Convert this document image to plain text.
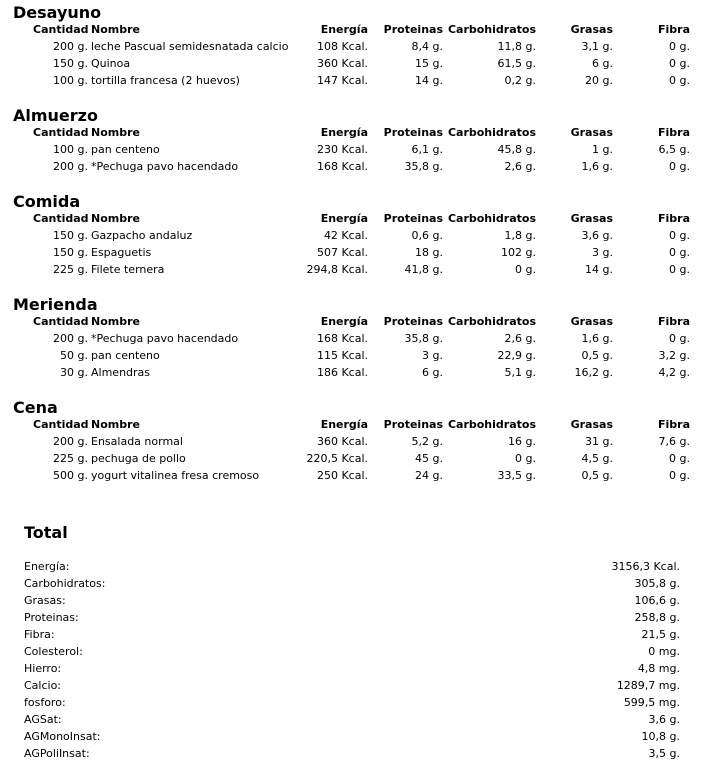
Desayuno
Cantidad Nombre	Energía Proteinas Carbohidratos	Grasas	Fibra
200 g. leche Pascual semidesnatada calcio	108 Kcal.	8,4 g.	11,8 g.	3,1 g.	0 g.
150 g. Quinoa	360 Kcal.	15 g.	61,5 g.	6 g.	0 g.
100 g. tortilla francesa (2 huevos)	147 Kcal.	14 g.	0,2 g.	20 g.	0 g.
Almuerzo
Cantidad Nombre	Energía Proteinas Carbohidratos	Grasas	Fibra
100 g. pan centeno	230 Kcal.	6,1 g.	45,8 g.	1 g.	6,5 g.
200 g. *Pechuga pavo hacendado	168 Kcal.	35,8 g.	2,6 g.	1,6 g.	0 g.
Comida
Cantidad Nombre	Energía Proteinas Carbohidratos	Grasas	Fibra
150 g. Gazpacho andaluz	42 Kcal.	0,6 g.	1,8 g.	3,6 g.	0 g.
150 g. Espaguetis	507 Kcal.	18 g.	102 g.	3 g.	0 g.
225 g. Filete ternera	294,8 Kcal.	41,8 g.	0 g.	14 g.	0 g.
Merienda
Cantidad Nombre	Energía Proteinas Carbohidratos	Grasas	Fibra
200 g. *Pechuga pavo hacendado	168 Kcal.	35,8 g.	2,6 g.	1,6 g.	0 g.
50 g. pan centeno	115 Kcal.	3 g.	22,9 g.	0,5 g.	3,2 g.
30 g. Almendras	186 Kcal.	6 g.	5,1 g.	16,2 g.	4,2 g.
Cena
Cantidad Nombre	Energía Proteinas Carbohidratos	Grasas	Fibra
200 g. Ensalada normal	360 Kcal.	5,2 g.	16 g.	31 g.	7,6 g.
225 g. pechuga de pollo	220,5 Kcal.	45 g.	0 g.	4,5 g.	0 g.
500 g. yogurt vitalinea fresa cremoso	250 Kcal.	24 g.	33,5 g.	0,5 g.	0 g.
Total
Energía:	3156,3 Kcal.
Carbohidratos:	305,8 g.
Grasas:	106,6 g.
Proteinas:	258,8 g.
Fibra:	21,5 g.
Colesterol:	0 mg.
Hierro:	4,8 mg.
Calcio:	1289,7 mg.
fosforo:	599,5 mg.
AGSat:	3,6 g.
AGMonoInsat:	10,8 g.
AGPoliInsat:	3,5 g.
